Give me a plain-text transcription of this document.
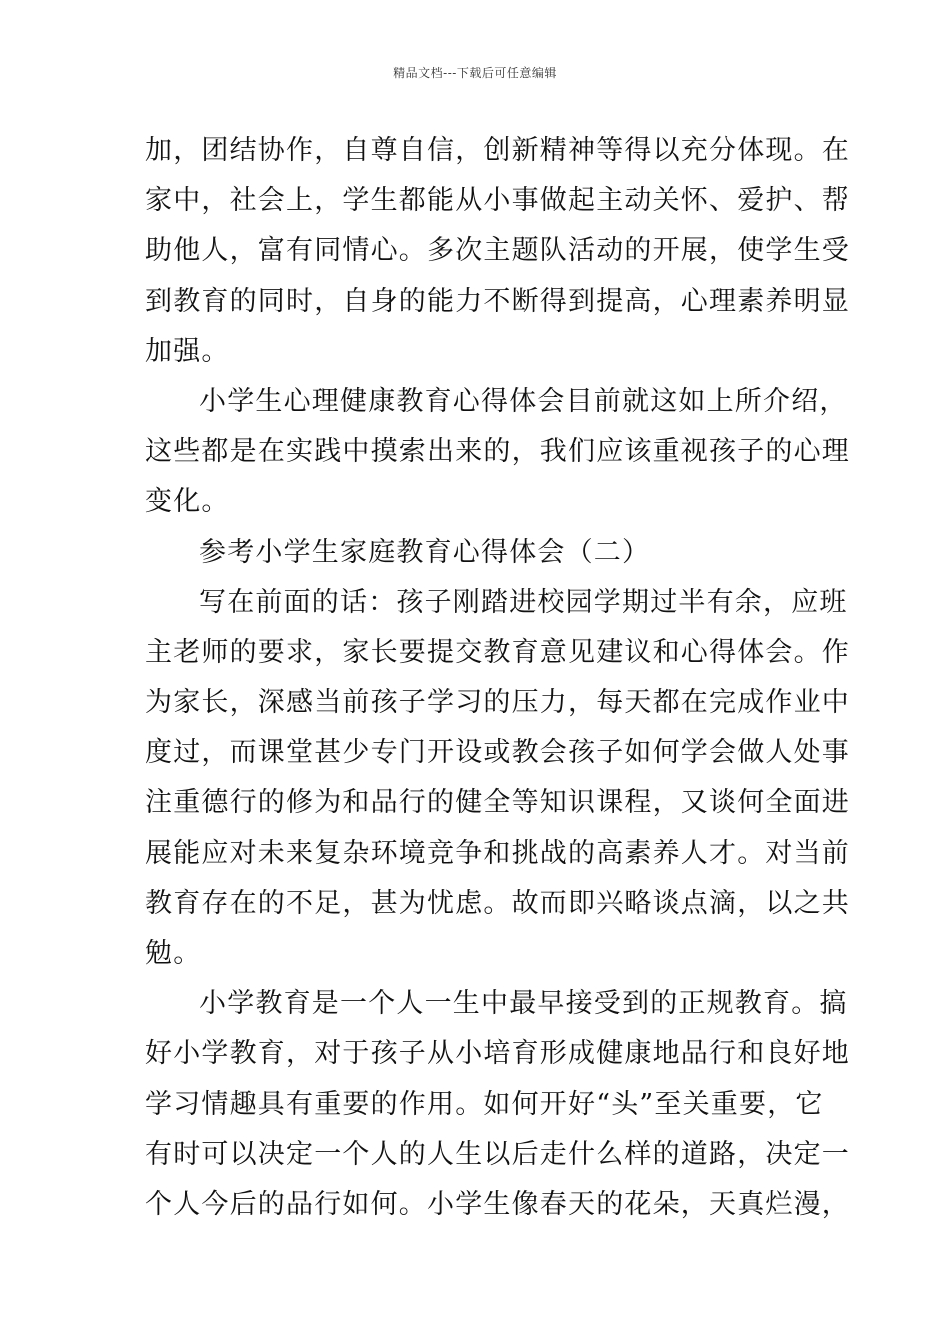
精品文档---下载后可任意编辑
加，团结协作，自尊自信，创新精神等得以充分体现。在
家中，社会上，学生都能从小事做起主动关怀、爱护、帮
助他人，富有同情心。多次主题队活动的开展，使学生受
到教育的同时，自身的能力不断得到提高，心理素养明显
加强。
小学生心理健康教育心得体会目前就这如上所介绍，
这些都是在实践中摸索出来的，我们应该重视孩子的心理
变化。
参考小学生家庭教育心得体会（二）
写在前面的话：孩子刚踏进校园学期过半有余，应班
主老师的要求，家长要提交教育意见建议和心得体会。作
为家长，深感当前孩子学习的压力，每天都在完成作业中
度过，而课堂甚少专门开设或教会孩子如何学会做人处事
注重德行的修为和品行的健全等知识课程，又谈何全面进
展能应对未来复杂环境竞争和挑战的高素养人才。对当前
教育存在的不足，甚为忧虑。故而即兴略谈点滴，以之共
勉。
小学教育是一个人一生中最早接受到的正规教育。搞
好小学教育，对于孩子从小培育形成健康地品行和良好地
学习情趣具有重要的作用。如何开好“头”至关重要，它
有时可以决定一个人的人生以后走什么样的道路，决定一
个人今后的品行如何。小学生像春天的花朵，天真烂漫，
